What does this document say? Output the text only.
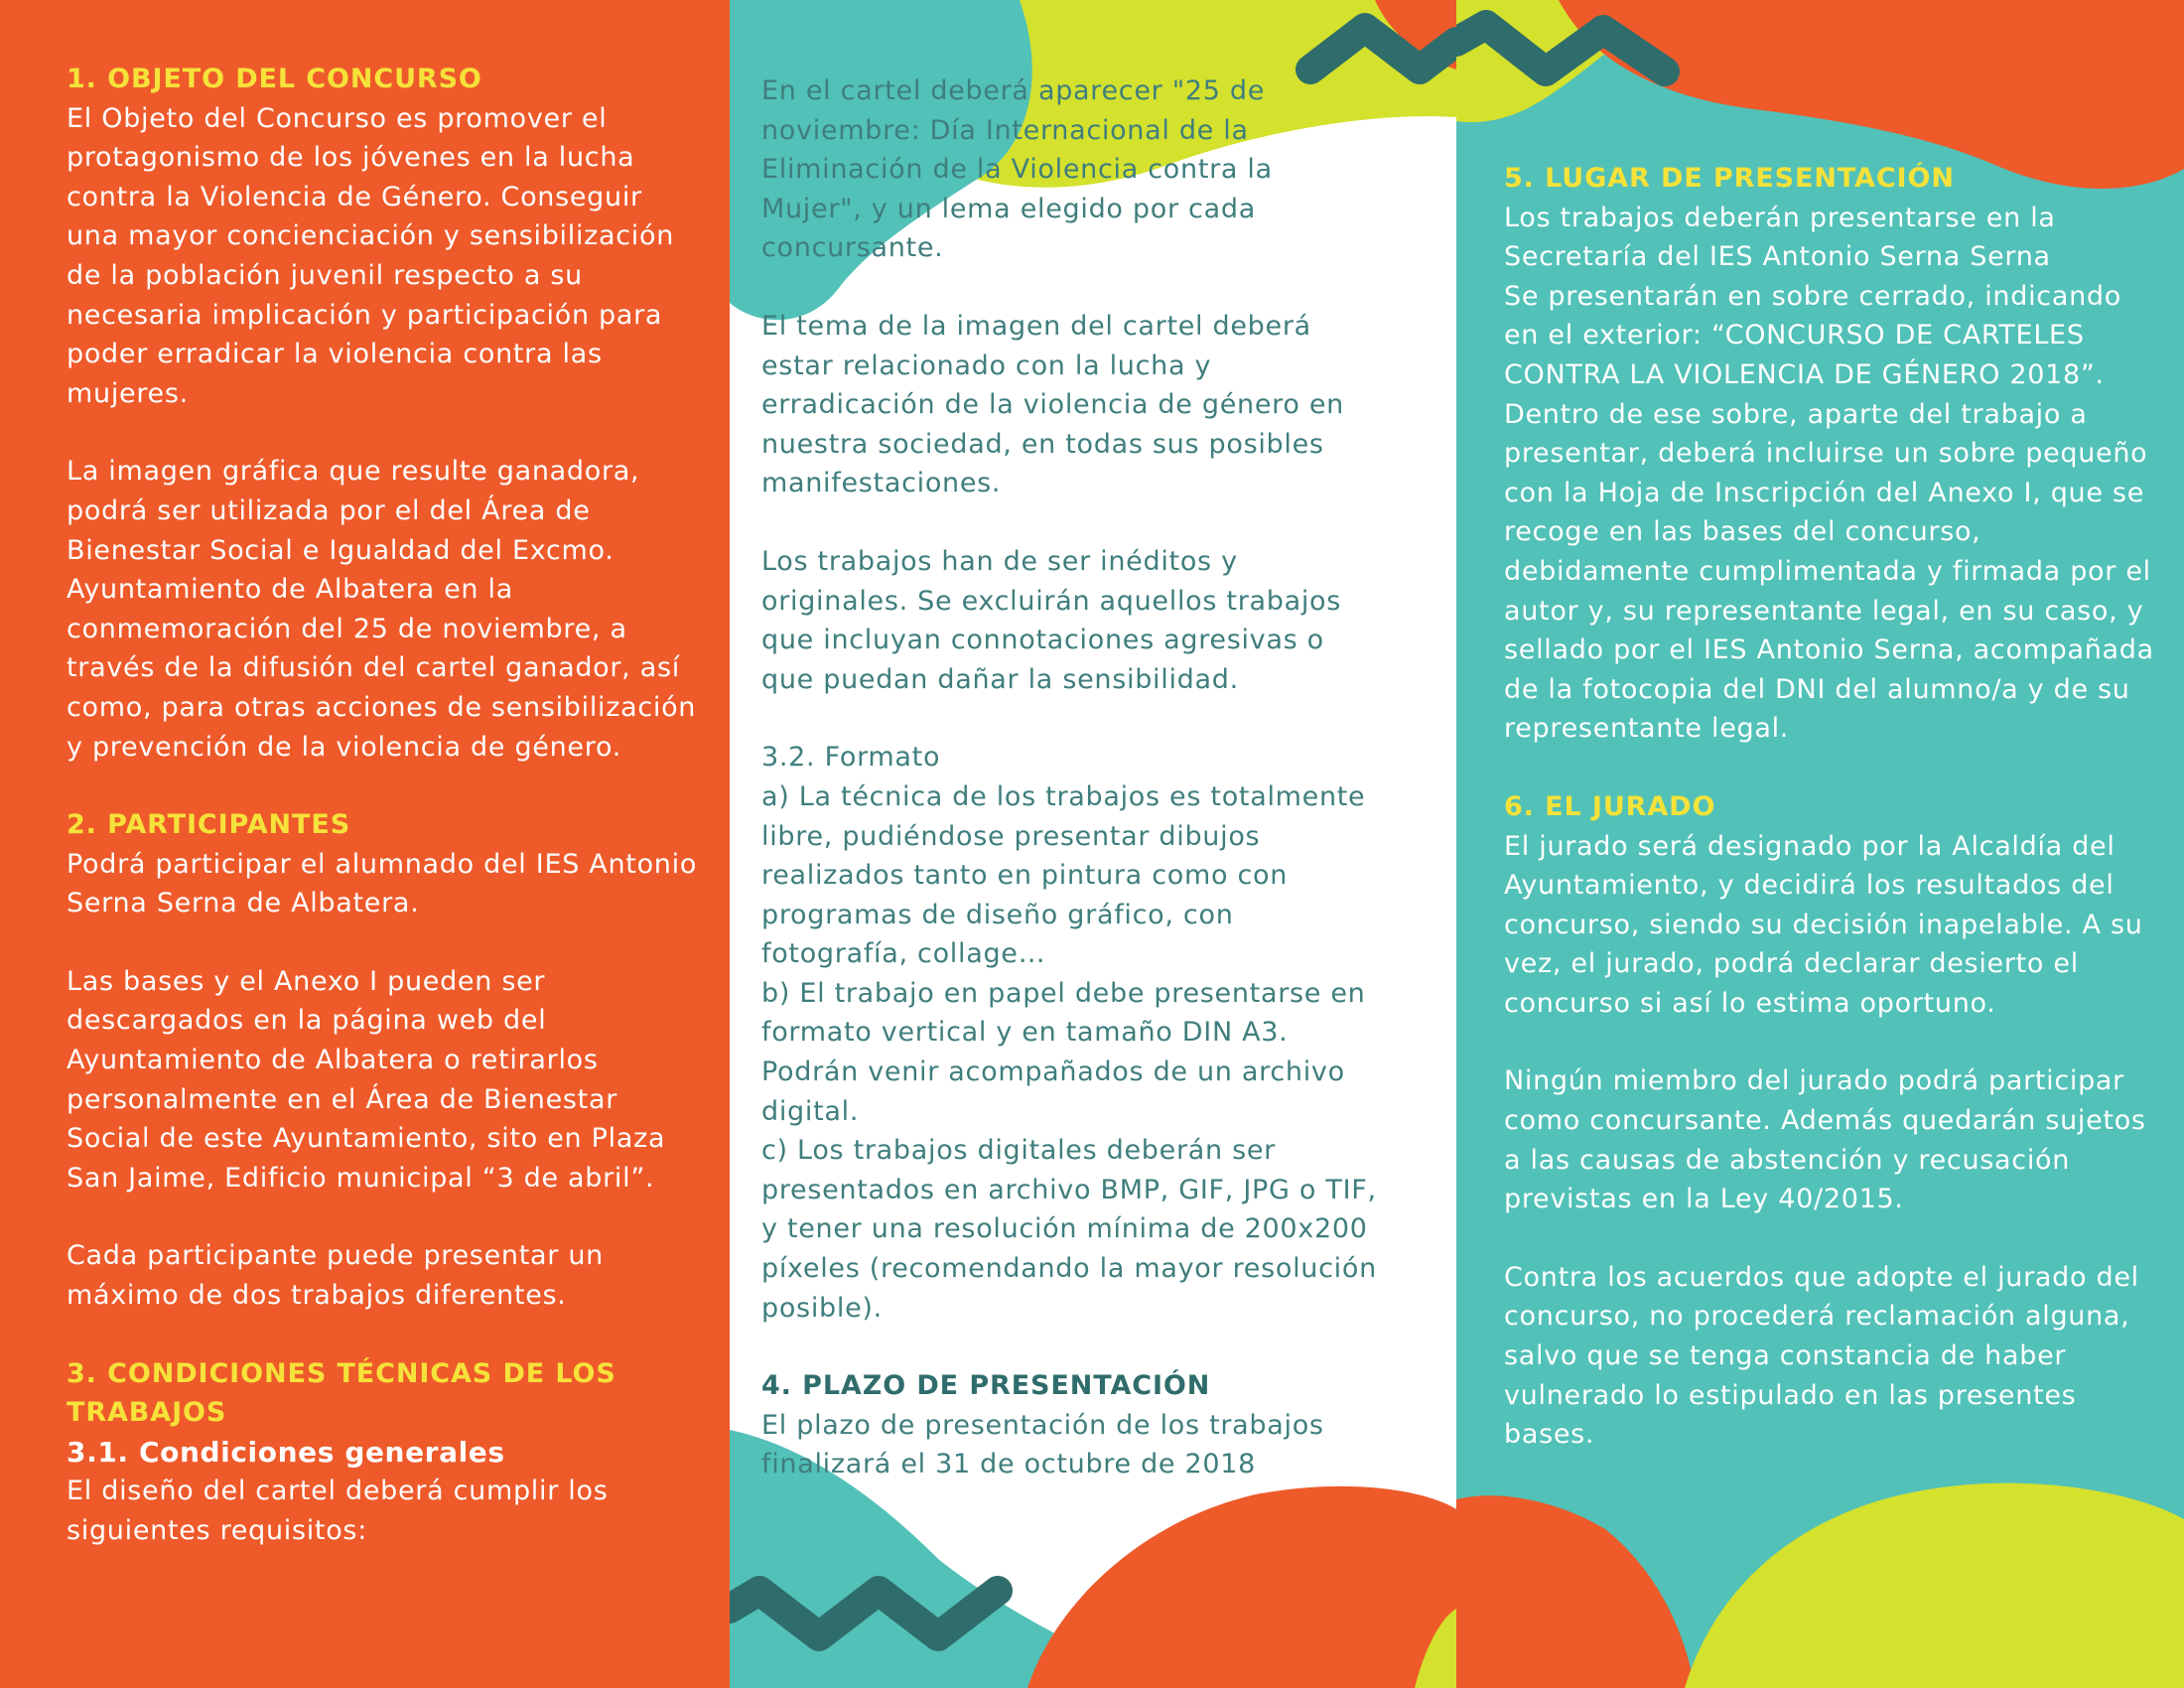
1. OBJETO DEL CONCURSO

El Objeto del Concurso es promover el protagonismo de los jóvenes en la lucha contra la Violencia de Género. Conseguir una mayor concienciación y sensibilización de la población juvenil respecto a su necesaria implicación y participación para poder erradicar la violencia contra las mujeres.

La imagen gráfica que resulte ganadora, podrá ser utilizada por el del Área de Bienestar Social e Igualdad del Excmo. Ayuntamiento de Albatera en la conmemoración del 25 de noviembre, a través de la difusión del cartel ganador, así como, para otras acciones de sensibilización y prevención de la violencia de género.

2. PARTICIPANTES

Podrá participar el alumnado del IES Antonio Serna Serna de Albatera.

Las bases y el Anexo I pueden ser descargados en la página web del Ayuntamiento de Albatera o retirarlos personalmente en el Área de Bienestar Social de este Ayuntamiento, sito en Plaza San Jaime, Edificio municipal “3 de abril”.

Cada participante puede presentar un máximo de dos trabajos diferentes.

3. CONDICIONES TÉCNICAS DE LOS TRABAJOS
3.1. Condiciones generales

El diseño del cartel deberá cumplir los siguientes requisitos:

En el cartel deberá aparecer "25 de noviembre: Día Internacional de la Eliminación de la Violencia contra la Mujer", y un lema elegido por cada concursante.

El tema de la imagen del cartel deberá estar relacionado con la lucha y erradicación de la violencia de género en nuestra sociedad, en todas sus posibles manifestaciones.

Los trabajos han de ser inéditos y originales. Se excluirán aquellos trabajos que incluyan connotaciones agresivas o que puedan dañar la sensibilidad.

3.2. Formato

a) La técnica de los trabajos es totalmente libre, pudiéndose presentar dibujos realizados tanto en pintura como con programas de diseño gráfico, con fotografía, collage…

b) El trabajo en papel debe presentarse en formato vertical y en tamaño DIN A3. Podrán venir acompañados de un archivo digital.

c) Los trabajos digitales deberán ser presentados en archivo BMP, GIF, JPG o TIF, y tener una resolución mínima de 200x200 píxeles (recomendando la mayor resolución posible).

4. PLAZO DE PRESENTACIÓN

El plazo de presentación de los trabajos finalizará el 31 de octubre de 2018

5. LUGAR DE PRESENTACIÓN

Los trabajos deberán presentarse en la Secretaría del IES Antonio Serna Serna
Se presentarán en sobre cerrado, indicando en el exterior: “CONCURSO DE CARTELES CONTRA LA VIOLENCIA DE GÉNERO 2018”. Dentro de ese sobre, aparte del trabajo a presentar, deberá incluirse un sobre pequeño con la Hoja de Inscripción del Anexo I, que se recoge en las bases del concurso, debidamente cumplimentada y firmada por el autor y, su representante legal, en su caso, y sellado por el IES Antonio Serna, acompañada de la fotocopia del DNI del alumno/a y de su representante legal.

6. EL JURADO

El jurado será designado por la Alcaldía del Ayuntamiento, y decidirá los resultados del concurso, siendo su decisión inapelable. A su vez, el jurado, podrá declarar desierto el concurso si así lo estima oportuno.

Ningún miembro del jurado podrá participar como concursante. Además quedarán sujetos a las causas de abstención y recusación previstas en la Ley 40/2015.

Contra los acuerdos que adopte el jurado del concurso, no procederá reclamación alguna, salvo que se tenga constancia de haber vulnerado lo estipulado en las presentes bases.
